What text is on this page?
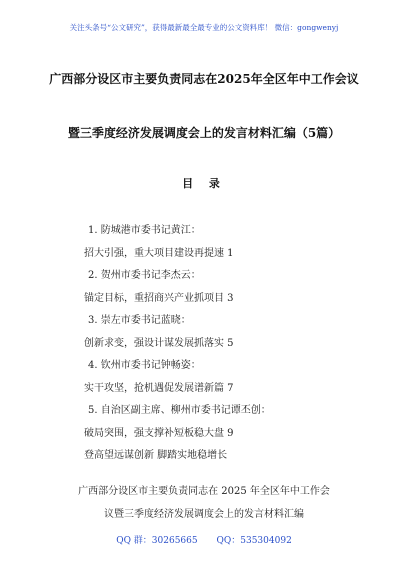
关注头条号“公文研究”，获得最新最全最专业的公文资料库！ 微信：gongwenyj
广西部分设区市主要负责同志在2025年全区年中工作会议
暨三季度经济发展调度会上的发言材料汇编（5篇）
目 录
1. 防城港市委书记黄江：
招大引强，重大项目建设再提速 1
2. 贺州市委书记李杰云：
锚定目标，重招商兴产业抓项目 3
3. 崇左市委书记蓝晓：
创新求变，强设计谋发展抓落实 5
4. 钦州市委书记钟畅姿：
实干攻坚，抢机遇促发展谱新篇 7
5. 自治区副主席、柳州市委书记谭丕创：
破局突围，强支撑补短板稳大盘 9
登高望远谋创新 脚踏实地稳增长
广西部分设区市主要负责同志在 2025 年全区年中工作会
议暨三季度经济发展调度会上的发言材料汇编
QQ 群：30265665 QQ：535304092
